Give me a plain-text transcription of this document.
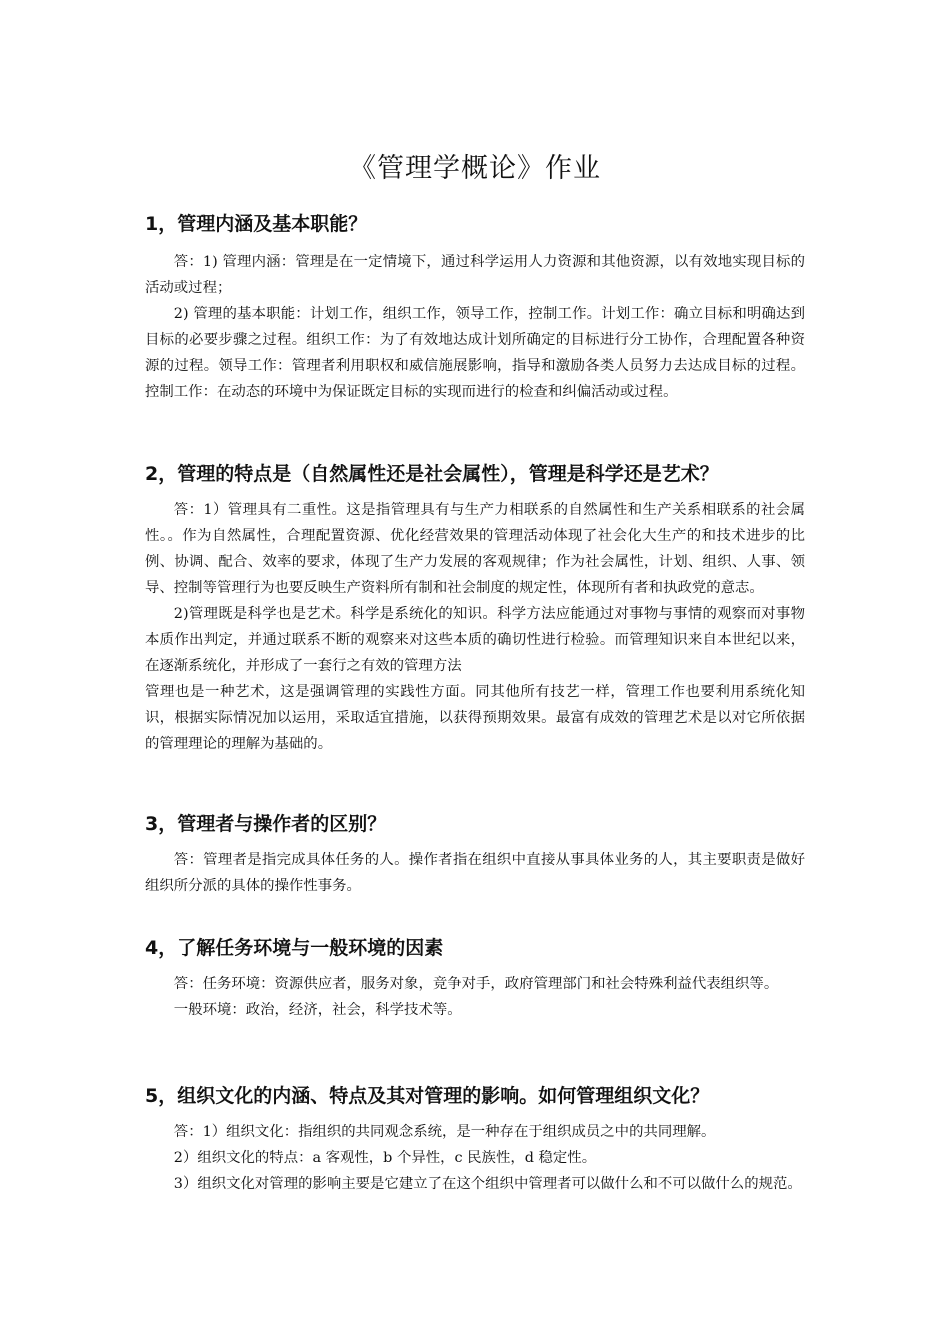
《管理学概论》作业
1，管理内涵及基本职能？

答：1) 管理内涵：管理是在一定情境下，通过科学运用人力资源和其他资源，以有效地实现目标的活动或过程；

2) 管理的基本职能：计划工作，组织工作，领导工作，控制工作。计划工作：确立目标和明确达到目标的必要步骤之过程。组织工作：为了有效地达成计划所确定的目标进行分工协作，合理配置各种资源的过程。领导工作：管理者利用职权和威信施展影响，指导和激励各类人员努力去达成目标的过程。控制工作：在动态的环境中为保证既定目标的实现而进行的检查和纠偏活动或过程。

2，管理的特点是（自然属性还是社会属性），管理是科学还是艺术？

答：1）管理具有二重性。这是指管理具有与生产力相联系的自然属性和生产关系相联系的社会属性。。作为自然属性，合理配置资源、优化经营效果的管理活动体现了社会化大生产的和技术进步的比例、协调、配合、效率的要求，体现了生产力发展的客观规律；作为社会属性，计划、组织、人事、领导、控制等管理行为也要反映生产资料所有制和社会制度的规定性，体现所有者和执政党的意志。

2)管理既是科学也是艺术。科学是系统化的知识。科学方法应能通过对事物与事情的观察而对事物本质作出判定，并通过联系不断的观察来对这些本质的确切性进行检验。而管理知识来自本世纪以来，在逐渐系统化，并形成了一套行之有效的管理方法

管理也是一种艺术，这是强调管理的实践性方面。同其他所有技艺一样，管理工作也要利用系统化知识，根据实际情况加以运用，采取适宜措施，以获得预期效果。最富有成效的管理艺术是以对它所依据的管理理论的理解为基础的。

3，管理者与操作者的区别？

答：管理者是指完成具体任务的人。操作者指在组织中直接从事具体业务的人，其主要职责是做好组织所分派的具体的操作性事务。

4，了解任务环境与一般环境的因素

答：任务环境：资源供应者，服务对象，竞争对手，政府管理部门和社会特殊利益代表组织等。

一般环境：政治，经济，社会，科学技术等。

5，组织文化的内涵、特点及其对管理的影响。如何管理组织文化？

答：1）组织文化：指组织的共同观念系统，是一种存在于组织成员之中的共同理解。

2）组织文化的特点：a 客观性，b 个异性，c 民族性，d 稳定性。

3）组织文化对管理的影响主要是它建立了在这个组织中管理者可以做什么和不可以做什么的规范。
